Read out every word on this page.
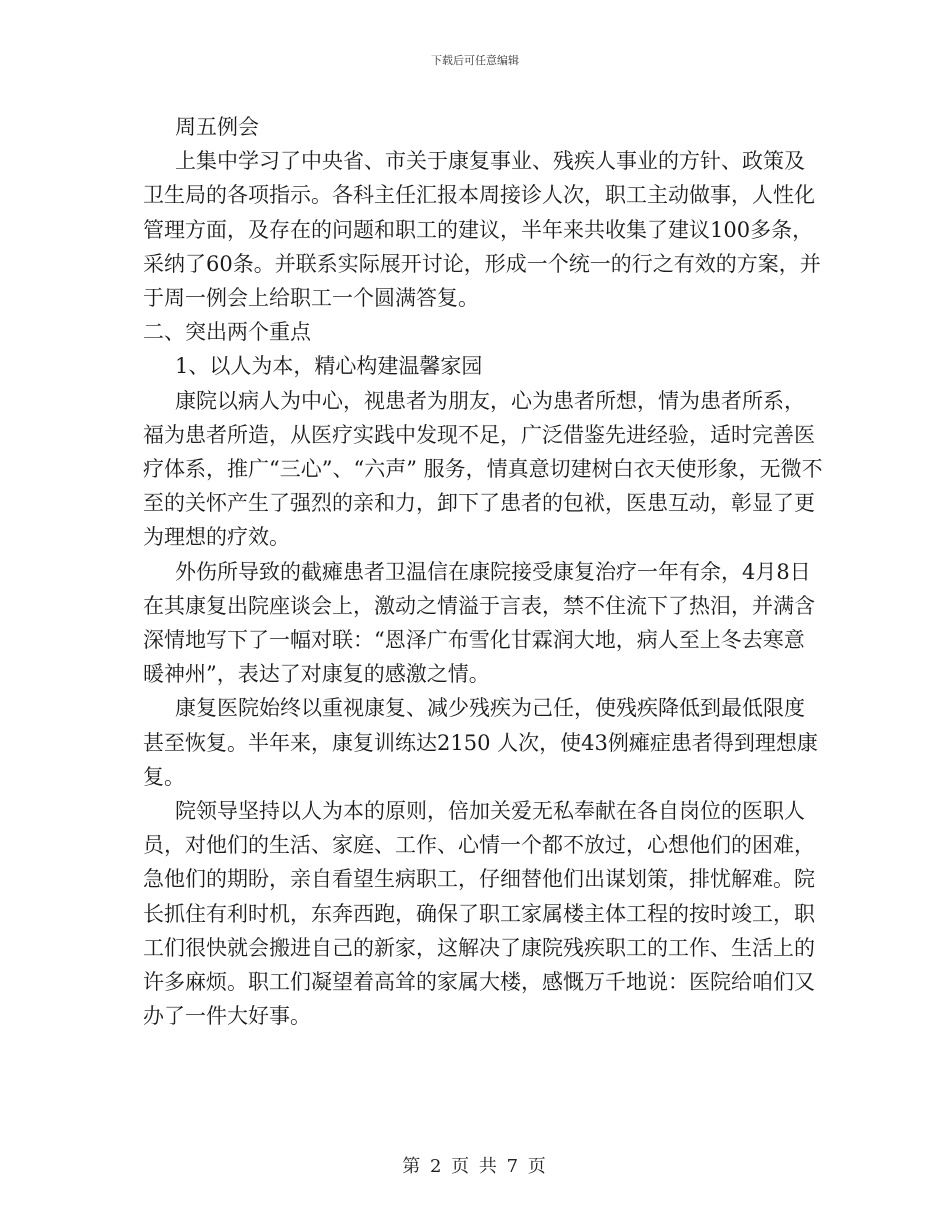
下载后可任意编辑

周五例会

上集中学习了中央省、市关于康复事业、残疾人事业的方针、政策及卫生局的各项指示。各科主任汇报本周接诊人次，职工主动做事，人性化管理方面，及存在的问题和职工的建议，半年来共收集了建议100多条，采纳了60条。并联系实际展开讨论，形成一个统一的行之有效的方案，并于周一例会上给职工一个圆满答复。

二、突出两个重点

1、以人为本，精心构建温馨家园

康院以病人为中心，视患者为朋友，心为患者所想，情为患者所系，福为患者所造，从医疗实践中发现不足，广泛借鉴先进经验，适时完善医疗体系，推广“三心”、“六声” 服务，情真意切建树白衣天使形象，无微不至的关怀产生了强烈的亲和力，卸下了患者的包袱，医患互动，彰显了更为理想的疗效。

外伤所导致的截瘫患者卫温信在康院接受康复治疗一年有余，4月8日在其康复出院座谈会上，激动之情溢于言表，禁不住流下了热泪，并满含深情地写下了一幅对联：“恩泽广布雪化甘霖润大地，病人至上冬去寒意暖神州”，表达了对康复的感激之情。

康复医院始终以重视康复、减少残疾为己任，使残疾降低到最低限度甚至恢复。半年来，康复训练达2150 人次，使43例瘫症患者得到理想康复。

院领导坚持以人为本的原则，倍加关爱无私奉献在各自岗位的医职人员，对他们的生活、家庭、工作、心情一个都不放过，心想他们的困难，急他们的期盼，亲自看望生病职工，仔细替他们出谋划策，排忧解难。院长抓住有利时机，东奔西跑，确保了职工家属楼主体工程的按时竣工，职工们很快就会搬进自己的新家，这解决了康院残疾职工的工作、生活上的许多麻烦。职工们凝望着高耸的家属大楼，感慨万千地说：医院给咱们又办了一件大好事。

第 2 页 共 7 页
